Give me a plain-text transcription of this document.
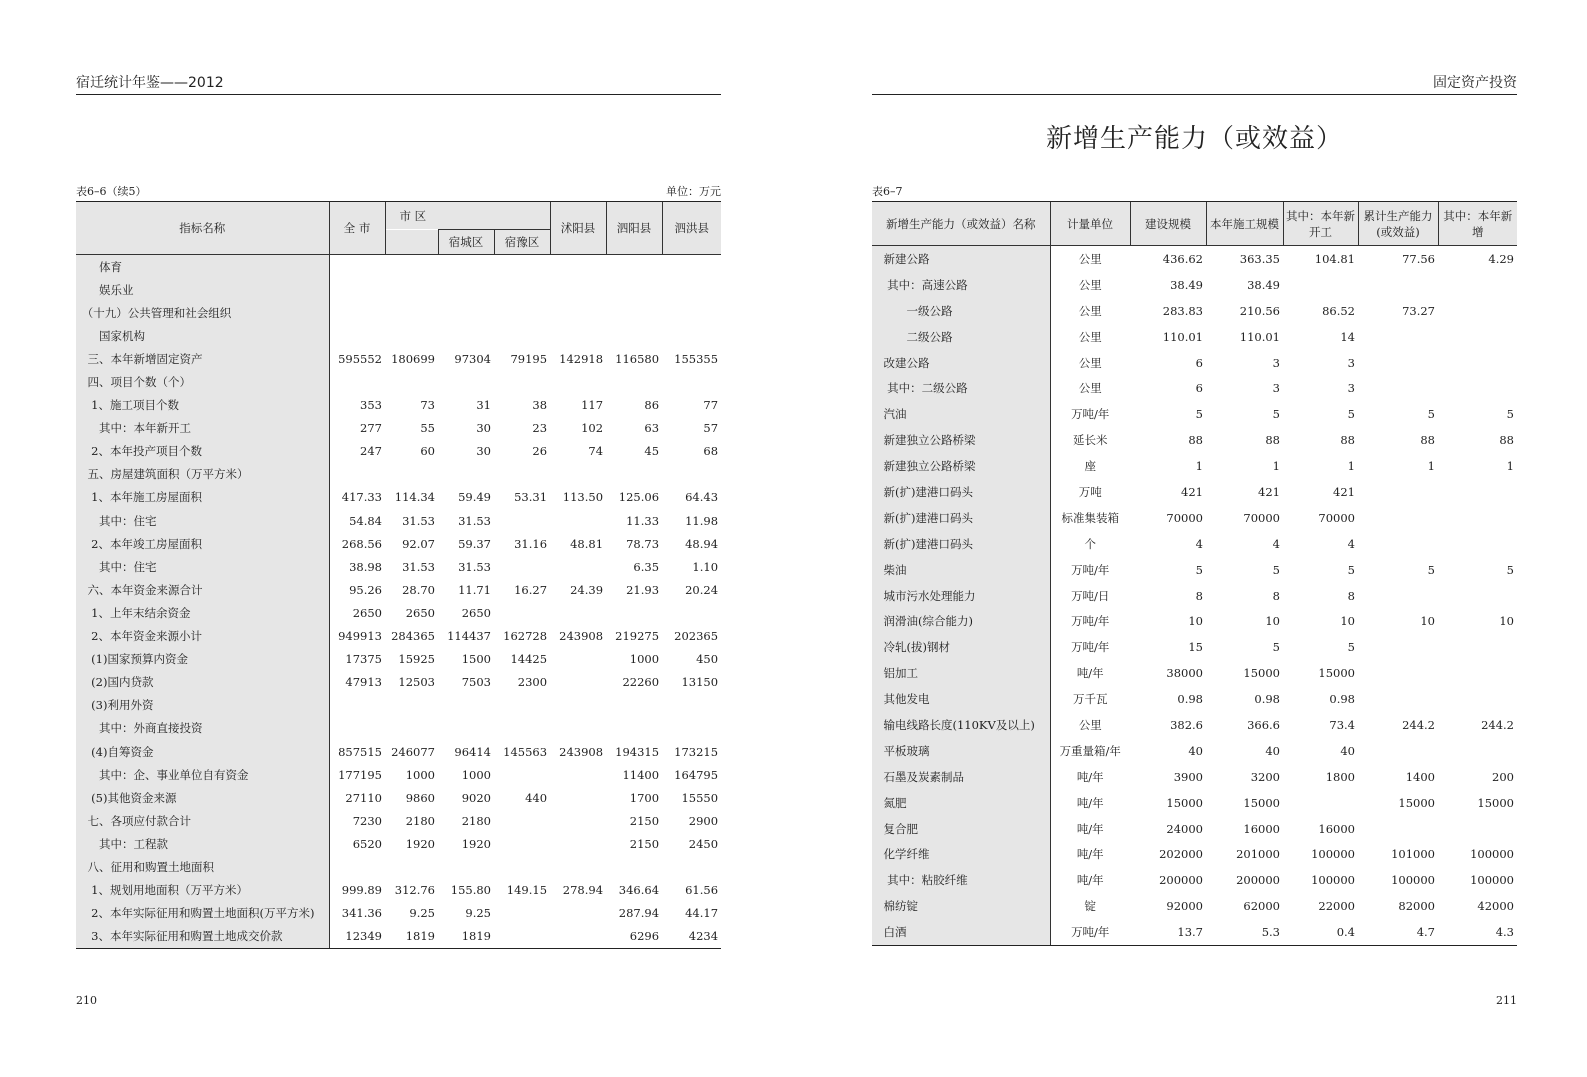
宿迁统计年鉴——2012
表6–6（续5）	单位：万元
指标名称	全 市	市 区			沭阳县	泗阳县	泗洪县
			宿城区	宿豫区			
　　体育							
　　娱乐业							
　（十九）公共管理和社会组织							
　　国家机构							
　三、本年新增固定资产	595552	180699	97304	79195	142918	116580	155355
　四、项目个数（个）							
　 1、施工项目个数	353	73	31	38	117	86	77
　　其中：本年新开工	277	55	30	23	102	63	57
　 2、本年投产项目个数	247	60	30	26	74	45	68
　五、房屋建筑面积（万平方米）							
　 1、本年施工房屋面积	417.33	114.34	59.49	53.31	113.50	125.06	64.43
　　其中：住宅	54.84	31.53	31.53			11.33	11.98
　 2、本年竣工房屋面积	268.56	92.07	59.37	31.16	48.81	78.73	48.94
　　其中：住宅	38.98	31.53	31.53			6.35	1.10
　六、本年资金来源合计	95.26	28.70	11.71	16.27	24.39	21.93	20.24
　 1、上年末结余资金	2650	2650	2650				
　 2、本年资金来源小计	949913	284365	114437	162728	243908	219275	202365
　 (1)国家预算内资金	17375	15925	1500	14425		1000	450
　 (2)国内贷款	47913	12503	7503	2300		22260	13150
　 (3)利用外资							
　　其中：外商直接投资							
　 (4)自筹资金	857515	246077	96414	145563	243908	194315	173215
　　其中：企、事业单位自有资金	177195	1000	1000			11400	164795
　 (5)其他资金来源	27110	9860	9020	440		1700	15550
　七、各项应付款合计	7230	2180	2180			2150	2900
　　其中：工程款	6520	1920	1920			2150	2450
　八、征用和购置土地面积							
　 1、规划用地面积（万平方米）	999.89	312.76	155.80	149.15	278.94	346.64	61.56
　 2、本年实际征用和购置土地面积(万平方米)	341.36	9.25	9.25			287.94	44.17
　 3、本年实际征用和购置土地成交价款	12349	1819	1819			6296	4234
210
固定资产投资
新增生产能力（或效益）
表6–7
新增生产能力（或效益）名称	计量单位	建设规模	本年施工规模	其中：本年新开工	累计生产能力(或效益)	其中：本年新增
　新建公路	公里	436.62	363.35	104.81	77.56	4.29
　 其中：高速公路	公里	38.49	38.49			
　　　一级公路	公里	283.83	210.56	86.52	73.27	
　　　二级公路	公里	110.01	110.01	14		
　改建公路	公里	6	3	3		
　 其中：二级公路	公里	6	3	3		
　汽油	万吨/年	5	5	5	5	5
　新建独立公路桥梁	延长米	88	88	88	88	88
　新建独立公路桥梁	座	1	1	1	1	1
　新(扩)建港口码头	万吨	421	421	421		
　新(扩)建港口码头	标准集装箱	70000	70000	70000		
　新(扩)建港口码头	个	4	4	4		
　柴油	万吨/年	5	5	5	5	5
　城市污水处理能力	万吨/日	8	8	8		
　润滑油(综合能力)	万吨/年	10	10	10	10	10
　冷轧(拔)钢材	万吨/年	15	5	5		
　铝加工	吨/年	38000	15000	15000		
　其他发电	万千瓦	0.98	0.98	0.98		
　输电线路长度(110KV及以上)	公里	382.6	366.6	73.4	244.2	244.2
　平板玻璃	万重量箱/年	40	40	40		
　石墨及炭素制品	吨/年	3900	3200	1800	1400	200
　氮肥	吨/年	15000	15000		15000	15000
　复合肥	吨/年	24000	16000	16000		
　化学纤维	吨/年	202000	201000	100000	101000	100000
　 其中：粘胶纤维	吨/年	200000	200000	100000	100000	100000
　棉纺锭	锭	92000	62000	22000	82000	42000
　白酒	万吨/年	13.7	5.3	0.4	4.7	4.3
211
